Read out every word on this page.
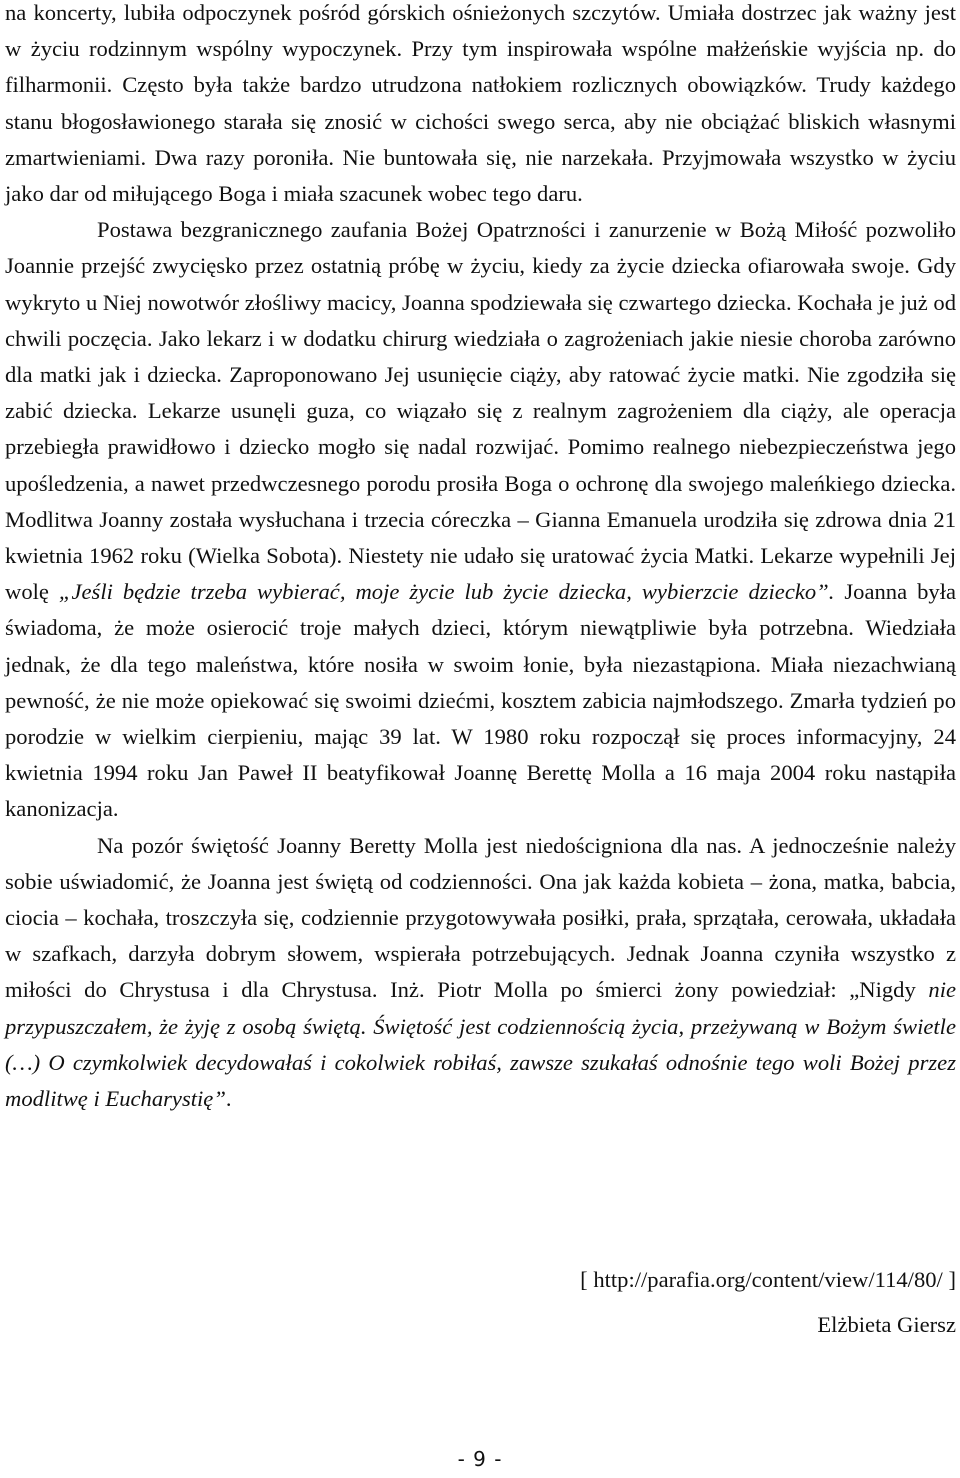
na koncerty, lubiła odpoczynek pośród górskich ośnieżonych szczytów. Umiała dostrzec jak ważny jest w życiu rodzinnym wspólny wypoczynek. Przy tym inspirowała wspólne małżeńskie wyjścia np. do filharmonii. Często była także bardzo utrudzona natłokiem rozlicznych obowiązków. Trudy każdego stanu błogosławionego starała się znosić w cichości swego serca, aby nie obciążać bliskich własnymi zmartwieniami. Dwa razy poroniła. Nie buntowała się, nie narzekała. Przyjmowała wszystko w życiu jako dar od miłującego Boga i miała szacunek wobec tego daru.

Postawa bezgranicznego zaufania Bożej Opatrzności i zanurzenie w Bożą Miłość pozwoliło Joannie przejść zwycięsko przez ostatnią próbę w życiu, kiedy za życie dziecka ofiarowała swoje. Gdy wykryto u Niej nowotwór złośliwy macicy, Joanna spodziewała się czwartego dziecka. Kochała je już od chwili poczęcia. Jako lekarz i w dodatku chirurg wiedziała o zagrożeniach jakie niesie choroba zarówno dla matki jak i dziecka. Zaproponowano Jej usunięcie ciąży, aby ratować życie matki. Nie zgodziła się zabić dziecka. Lekarze usunęli guza, co wiązało się z realnym zagrożeniem dla ciąży, ale operacja przebiegła prawidłowo i dziecko mogło się nadal rozwijać. Pomimo realnego niebezpieczeństwa jego upośledzenia, a nawet przedwczesnego porodu prosiła Boga o ochronę dla swojego maleńkiego dziecka. Modlitwa Joanny została wysłuchana i trzecia córeczka – Gianna Emanuela urodziła się zdrowa dnia 21 kwietnia 1962 roku (Wielka Sobota). Niestety nie udało się uratować życia Matki. Lekarze wypełnili Jej wolę „Jeśli będzie trzeba wybierać, moje życie lub życie dziecka, wybierzcie dziecko”. Joanna była świadoma, że może osierocić troje małych dzieci, którym niewątpliwie była potrzebna. Wiedziała jednak, że dla tego maleństwa, które nosiła w swoim łonie, była niezastąpiona. Miała niezachwianą pewność, że nie może opiekować się swoimi dziećmi, kosztem zabicia najmłodszego. Zmarła tydzień po porodzie w wielkim cierpieniu, mając 39 lat. W 1980 roku rozpoczął się proces informacyjny, 24 kwietnia 1994 roku Jan Paweł II beatyfikował Joannę Berettę Molla a 16 maja 2004 roku nastąpiła kanonizacja.

Na pozór świętość Joanny Beretty Molla jest niedościgniona dla nas. A jednocześnie należy sobie uświadomić, że Joanna jest świętą od codzienności. Ona jak każda kobieta – żona, matka, babcia, ciocia – kochała, troszczyła się, codziennie przygotowywała posiłki, prała, sprzątała, cerowała, układała w szafkach, darzyła dobrym słowem, wspierała potrzebujących. Jednak Joanna czyniła wszystko z miłości do Chrystusa i dla Chrystusa. Inż. Piotr Molla po śmierci żony powiedział: „Nigdy nie przypuszczałem, że żyję z osobą świętą. Świętość jest codziennością życia, przeżywaną w Bożym świetle (…) O czymkolwiek decydowałaś i cokolwiek robiłaś, zawsze szukałaś odnośnie tego woli Bożej przez modlitwę i Eucharystię”.

[ http://parafia.org/content/view/114/80/ ]
Elżbieta Giersz
- 9 -
